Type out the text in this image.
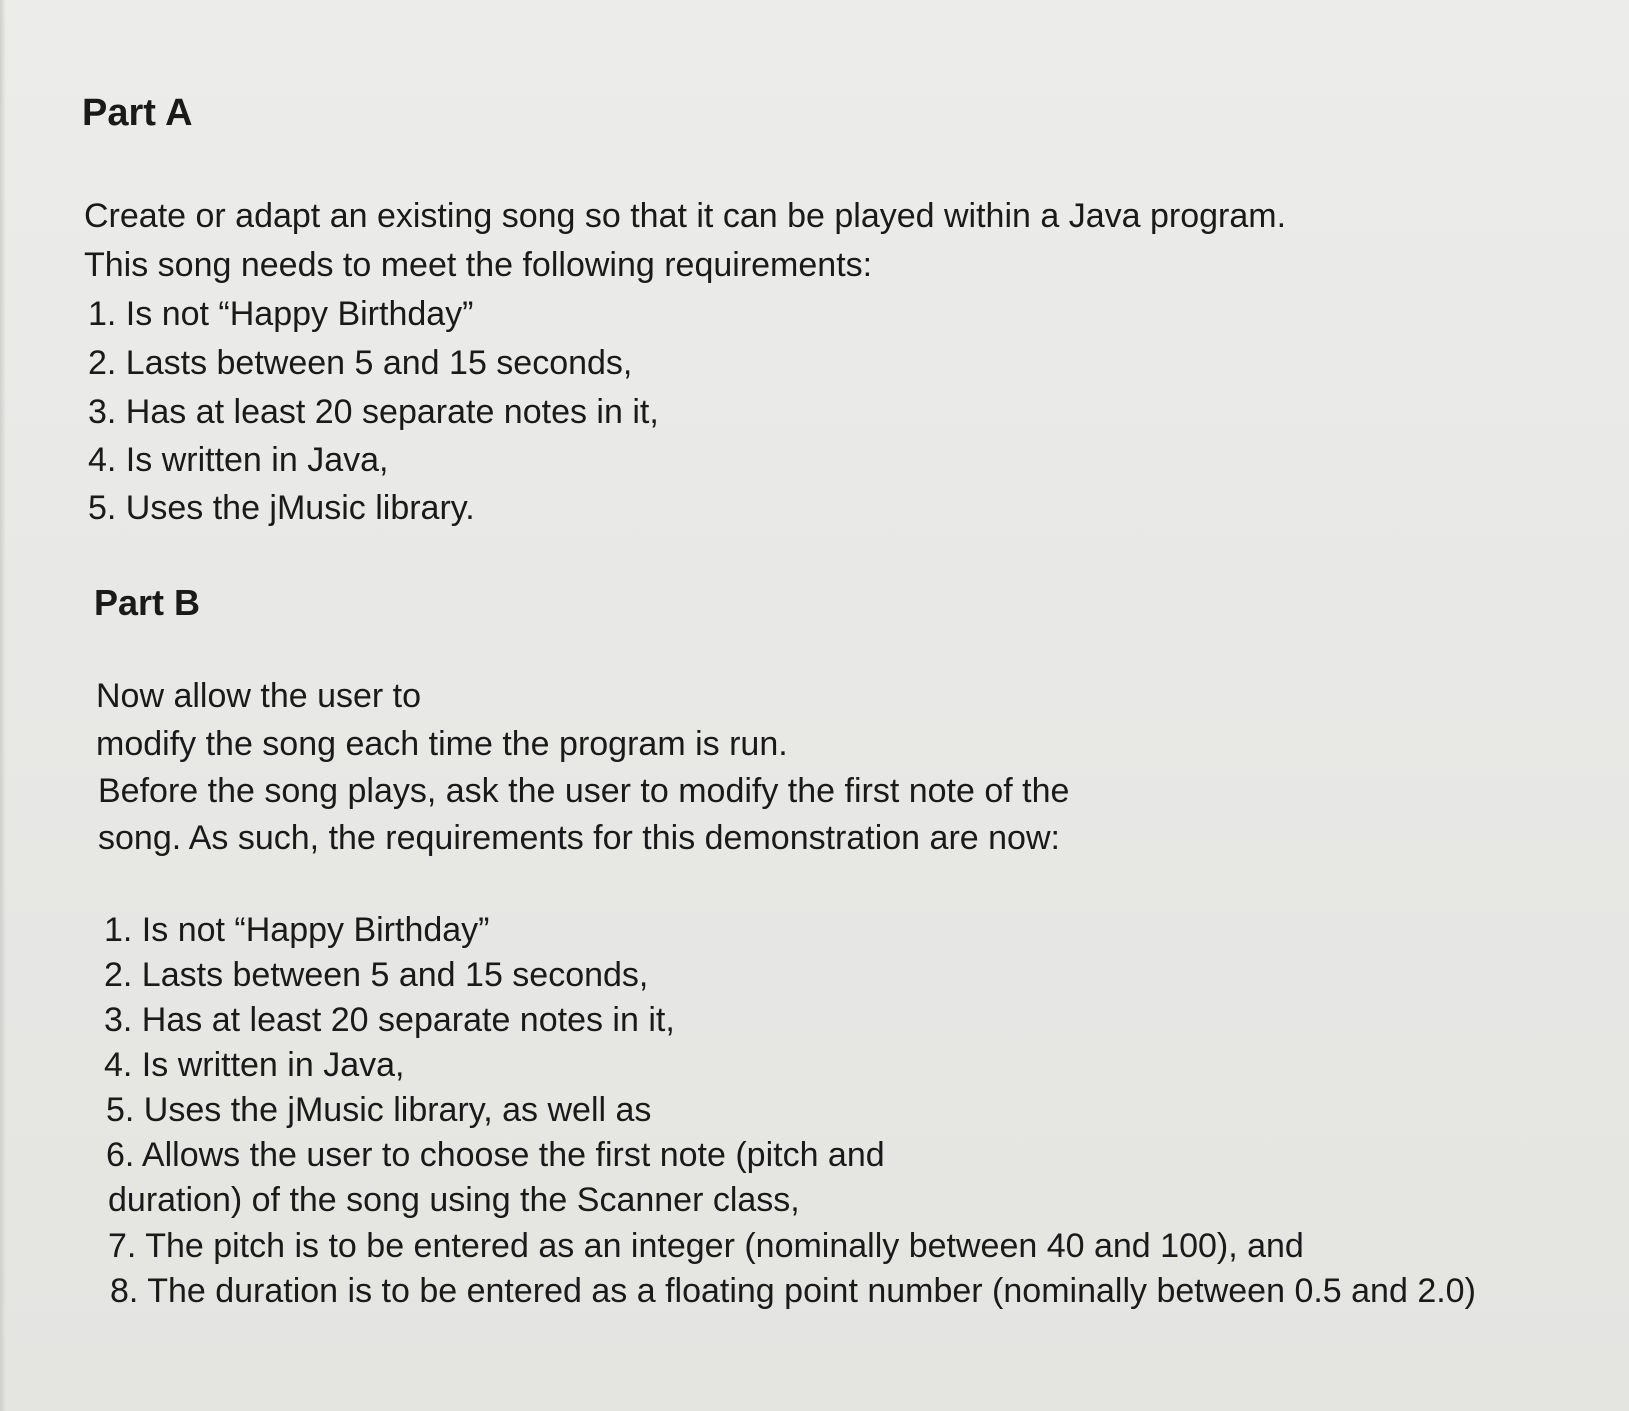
Part A

Create or adapt an existing song so that it can be played within a Java program.

This song needs to meet the following requirements:

1. Is not “Happy Birthday”

2. Lasts between 5 and 15 seconds,

3. Has at least 20 separate notes in it,

4. Is written in Java,

5. Uses the jMusic library.

Part B

Now allow the user to

modify the song each time the program is run.

Before the song plays, ask the user to modify the first note of the

song. As such, the requirements for this demonstration are now:

1. Is not “Happy Birthday”

2. Lasts between 5 and 15 seconds,

3. Has at least 20 separate notes in it,

4. Is written in Java,

5. Uses the jMusic library, as well as

6. Allows the user to choose the first note (pitch and

duration) of the song using the Scanner class,

7. The pitch is to be entered as an integer (nominally between 40 and 100), and

8. The duration is to be entered as a floating point number (nominally between 0.5 and 2.0)
